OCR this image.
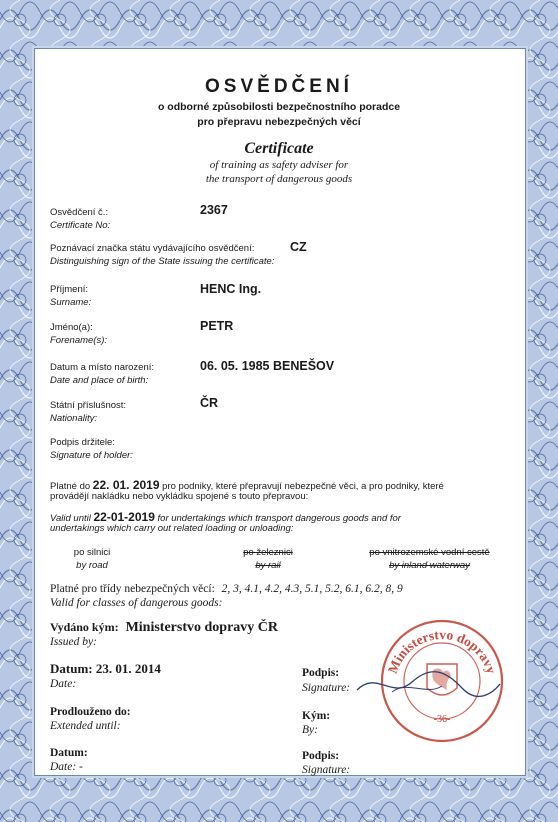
OSVĚDČENÍ
o odborné způsobilosti bezpečnostního poradce
pro přepravu nebezpečných věcí
Certificate
of training as safety adviser for
the transport of dangerous goods
Osvědčení č.:
Certificate No:
2367
Poznávací značka státu vydávajícího osvědčení:
Distinguishing sign of the State issuing the certificate:
CZ
Příjmení:
Surname:
HENC Ing.
Jméno(a):
Forename(s):
PETR
Datum a místo narození:
Date and place of birth:
06. 05. 1985 BENEŠOV
Státní příslušnost:
Nationality:
ČR
Podpis držitele:
Signature of holder:
Platné do 22. 01. 2019 pro podniky, které přepravují nebezpečné věci, a pro podniky, které
provádějí nakládku nebo vykládku spojené s touto přepravou:
Valid until 22-01-2019 for undertakings which transport dangerous goods and for
undertakings which carry out related loading or unloading:
po silnici
by road
po železnici
by rail
po vnitrozemské vodní cestě
by inland waterway
Platné pro třídy nebezpečných věcí: 2, 3, 4.1, 4.2, 4.3, 5.1, 5.2, 6.1, 6.2, 8, 9
Valid for classes of dangerous goods:
Vydáno kým: Ministerstvo dopravy ČR
Issued by:
Datum: 23. 01. 2014
Date:
Podpis:
Signature:
Prodlouženo do:
Extended until:
Kým:
By:
Datum:
Date: -
Podpis:
Signature:
Ministerstvo dopravy
-36-
